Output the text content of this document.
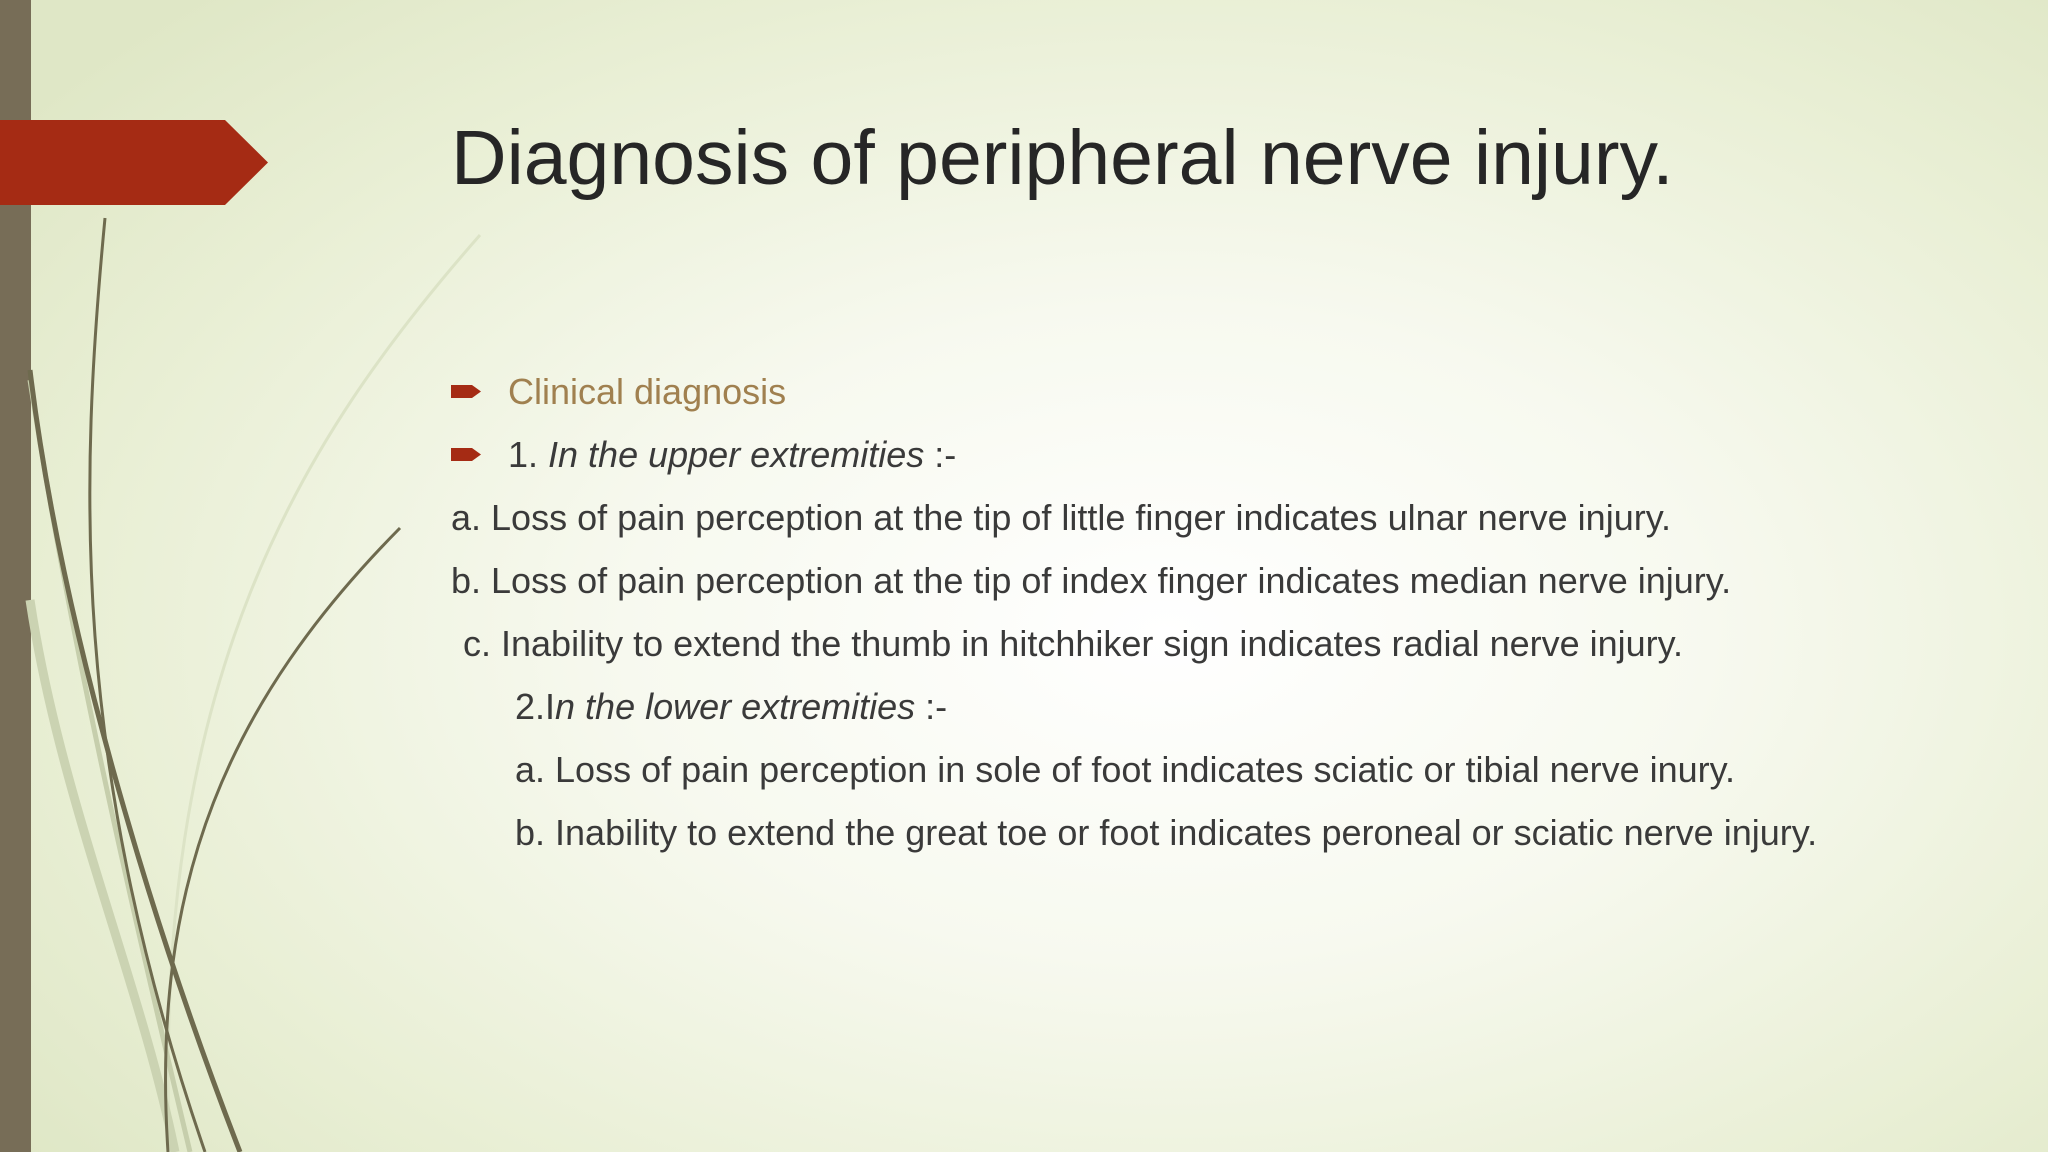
Diagnosis of peripheral nerve injury.
Clinical diagnosis
1. In the upper extremities :-
a. Loss of pain perception at the tip of little finger indicates ulnar nerve injury.
b. Loss of pain perception at the tip of index finger indicates median nerve injury.
c. Inability to extend the thumb in hitchhiker sign indicates radial nerve injury.
2.In the lower extremities :-
a. Loss of pain perception in sole of foot indicates sciatic or tibial nerve inury.
b. Inability to extend the great toe or foot indicates peroneal or sciatic nerve injury.
